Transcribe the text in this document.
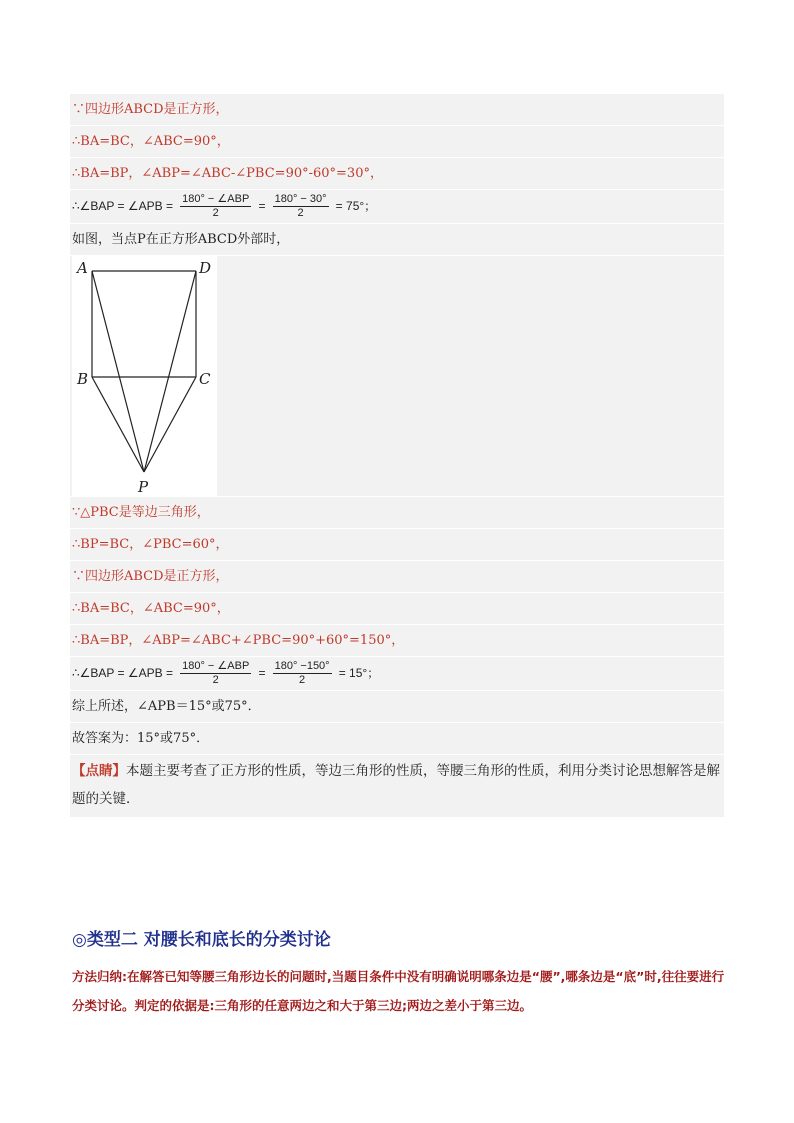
∵四边形ABCD是正方形，
∴BA=BC，∠ABC=90°，
∴BA=BP，∠ABP=∠ABC-∠PBC=90°-60°=30°，
∴∠BAP = ∠APB = $\frac{\text{180° − ∠ABP}}{2} = \frac{180^\circ - 30^\circ}{2} = 75^\circ$；
如图，当点P在正方形ABCD外部时，
A	D
B	C
P
∵△PBC是等边三角形，
∴BP=BC，∠PBC=60°，
∵四边形ABCD是正方形，
∴BA=BC，∠ABC=90°，
∴BA=BP，∠ABP=∠ABC+∠PBC=90°+60°=150°，
∴∠BAP = ∠APB = $\frac{\text{180° − ∠ABP}}{2} = \frac{180^\circ -150^\circ}{2} = 15^\circ$；
综上所述，∠APB＝15°或75°．
故答案为：15°或75°．
【点睛】本题主要考查了正方形的性质，等边三角形的性质，等腰三角形的性质，利用分类讨论思想解答是解题的关键．
◎类型二 对腰长和底长的分类讨论
方法归纳:在解答已知等腰三角形边长的问题时,当题目条件中没有明确说明哪条边是“腰”,哪条边是“底”时,往往要进行分类讨论。判定的依据是:三角形的任意两边之和大于第三边;两边之差小于第三边。
